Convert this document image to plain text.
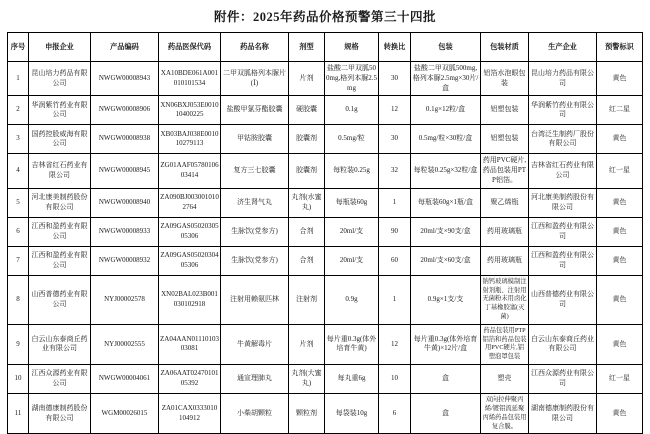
附件：2025年药品价格预警第三十四批
序号	申报企业	产品编码	药品医保代码	药品名称	剂型	规格	转换比	包装	包装材质	生产企业	预警标识
1	昆山培力药品有限公司	NWGW00008943	XA10BDE061A001010101534	二甲双胍格列本脲片(Ⅰ)	片剂	盐酸二甲双胍500mg,格列本脲2.5mg	30	盐酸二甲双胍500mg,格列本脲2.5mg×30片/盒	铝箔水泡眼包装	昆山培力药品有限公司	黄色
2	华润紫竹药业有限公司	NWGW00008906	XN06BXJ053E001010400225	盐酸甲氯芬酯胶囊	硬胶囊	0.1g	12	0.1g×12粒/盒	铝塑包装	华润紫竹药业有限公司	红二星
3	国药控股威海有限公司	NWGW00008938	XB03BAJ038E001010279113	甲钴胺胶囊	胶囊剂	0.5mg/粒	30	0.5mg/粒×30粒/盒	铝塑包装	台湾泛生制药厂股份有限公司	黄色
4	吉林省红石药业有限公司	NWGW00008945	ZG01AAF0578010603414	复方三七胶囊	胶囊剂	每粒装0.25g	32	每粒装0.25g×32粒/盒	药用PVC硬片,药品包装用PTP铝箔。	吉林省红石药业有限公司	红一星
5	河北康美制药股份有限公司	NWGW00008940	ZA090BJ0030010102764	济生肾气丸	丸剂(水蜜丸)	每瓶装60g	1	每瓶装60g×1瓶/盒	聚乙烯瓶	河北康美制药股份有限公司	黄色
6	江西和盈药业有限公司	NWGW00008933	ZA09GAS0502030505306	生脉饮(党参方)	合剂	20ml/支	90	20ml/支×90支/盒	药用玻璃瓶	江西和盈药业有限公司	黄色
7	江西和盈药业有限公司	NWGW00008932	ZA09GAS0502030405306	生脉饮(党参方)	合剂	20ml/支	60	20ml/支×60支/盒	药用玻璃瓶	江西和盈药业有限公司	黄色
8	山西普德药业有限公司	NYJ00002578	XN02BAL023B001030102918	注射用赖氨匹林	注射剂	0.9g	1	0.9g×1支/支	钠钙玻璃模制注射剂瓶、注射用无菌粉末用卤化丁基橡胶塞(灭菌)	山西普德药业有限公司	黄色
9	白云山东泰商丘药业有限公司	NYJ00002555	ZA04AAN0111010303081	牛黄解毒片	片剂	每片重0.3g(体外培育牛黄)	12	每片重0.3g(体外培育牛黄)×12片/盒	药品包装用PTP铝箔和药品包装用PVC硬片,铝塑泡罩包装	白云山东泰商丘药业有限公司	黄色
10	江西众源药业有限公司	NWGW00004061	ZA06AAT0247010105392	通宣理肺丸	丸剂(大蜜丸)	每丸重6g	10	盒	塑壳	江西众源药业有限公司	红一星
11	湖南德康制药股份有限公司	WGM00026015	ZA01CAX0333010104912	小柴胡颗粒	颗粒剂	每袋装10g	6	盒	双向拉伸聚丙烯/镀铝流延聚丙烯药品包装用复合膜。	湖南德康制药股份有限公司	黄色
